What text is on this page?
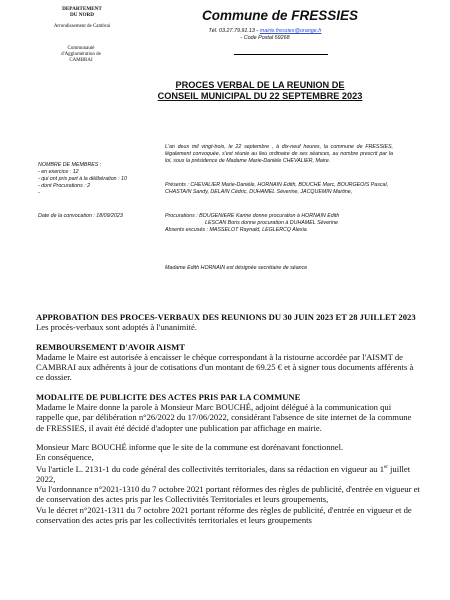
DEPARTEMENT
DU NORD
Arrondissement de Cambrai
Communauté
d'Agglomération de
CAMBRAI
Commune de FRESSIES
Tél. 03.27.79.91.13 - mairie.fressies@orange.fr
- Code Postal 59268
PROCES VERBAL DE LA REUNION DE
CONSEIL MUNICIPAL DU 22 SEPTEMBRE 2023
L'an deux mil vingt-trois, le 22 septembre , à dix-neuf heures, la commune de FRESSIES, légalement convoquée, s'est réunie au lieu ordinaire de ses séances, au nombre prescrit par la loi, sous la présidence de Madame Marie-Danièle CHEVALIER, Maire.
NOMBRE DE MEMBRES :
- en exercice : 12
- qui ont pris part à la délibération : 10
- dont Procurations : 2
-
Présents : CHEVALIER Marie-Danièle, HORNAIN Edith, BOUCHÉ Marc, BOURGEOIS Pascal, CHASTAIN Sandy, DELAIN Cédric, DUHAMEL Séverine, JACQUEMIN Martine,
Date de la convocation : 18/09/2023	Procurations : BOUGENIERE Karine donne procuration à HORNAIN Edith
LESCAN Boris donne procuration à DUHAMEL Séverine
Absents excusés : MASSELOT Raynald, LEGLERCQ Alexia
Madame Edith HORNAIN est désignée secrétaire de séance
APPROBATION DES PROCES-VERBAUX DES REUNIONS DU 30 JUIN 2023 ET 28 JUILLET 2023

Les procès-verbaux sont adoptés à l'unanimité.

REMBOURSEMENT D'AVOIR AISMT

Madame le Maire est autorisée à encaisser le chèque correspondant à la ristourne accordée par l'AISMT de CAMBRAI aux adhérents à jour de cotisations d'un montant de 69.25 € et à signer tous documents afférents à ce dossier.

MODALITE DE PUBLICITE DES ACTES PRIS PAR LA COMMUNE

Madame le Maire donne la parole à Monsieur Marc BOUCHÉ, adjoint délégué à la communication qui rappelle que, par délibération n°26/2022 du 17/06/2022, considérant l'absence de site internet de la commune de FRESSIES, il avait été décidé d'adopter une publication par affichage en mairie.

Monsieur Marc BOUCHÉ informe que le site de la commune est dorénavant fonctionnel.

En conséquence,

Vu l'article L. 2131-1 du code général des collectivités territoriales, dans sa rédaction en vigueur au 1er juillet 2022,

Vu l'ordonnance n°2021-1310 du 7 octobre 2021 portant réformes des règles de publicité, d'entrée en vigueur et de conservation des actes pris par les Collectivités Territoriales et leurs groupements,

Vu le décret n°2021-1311 du 7 octobre 2021 portant réforme des règles de publicité, d'entrée en vigueur et de conservation des actes pris par les collectivités territoriales et leurs groupements
